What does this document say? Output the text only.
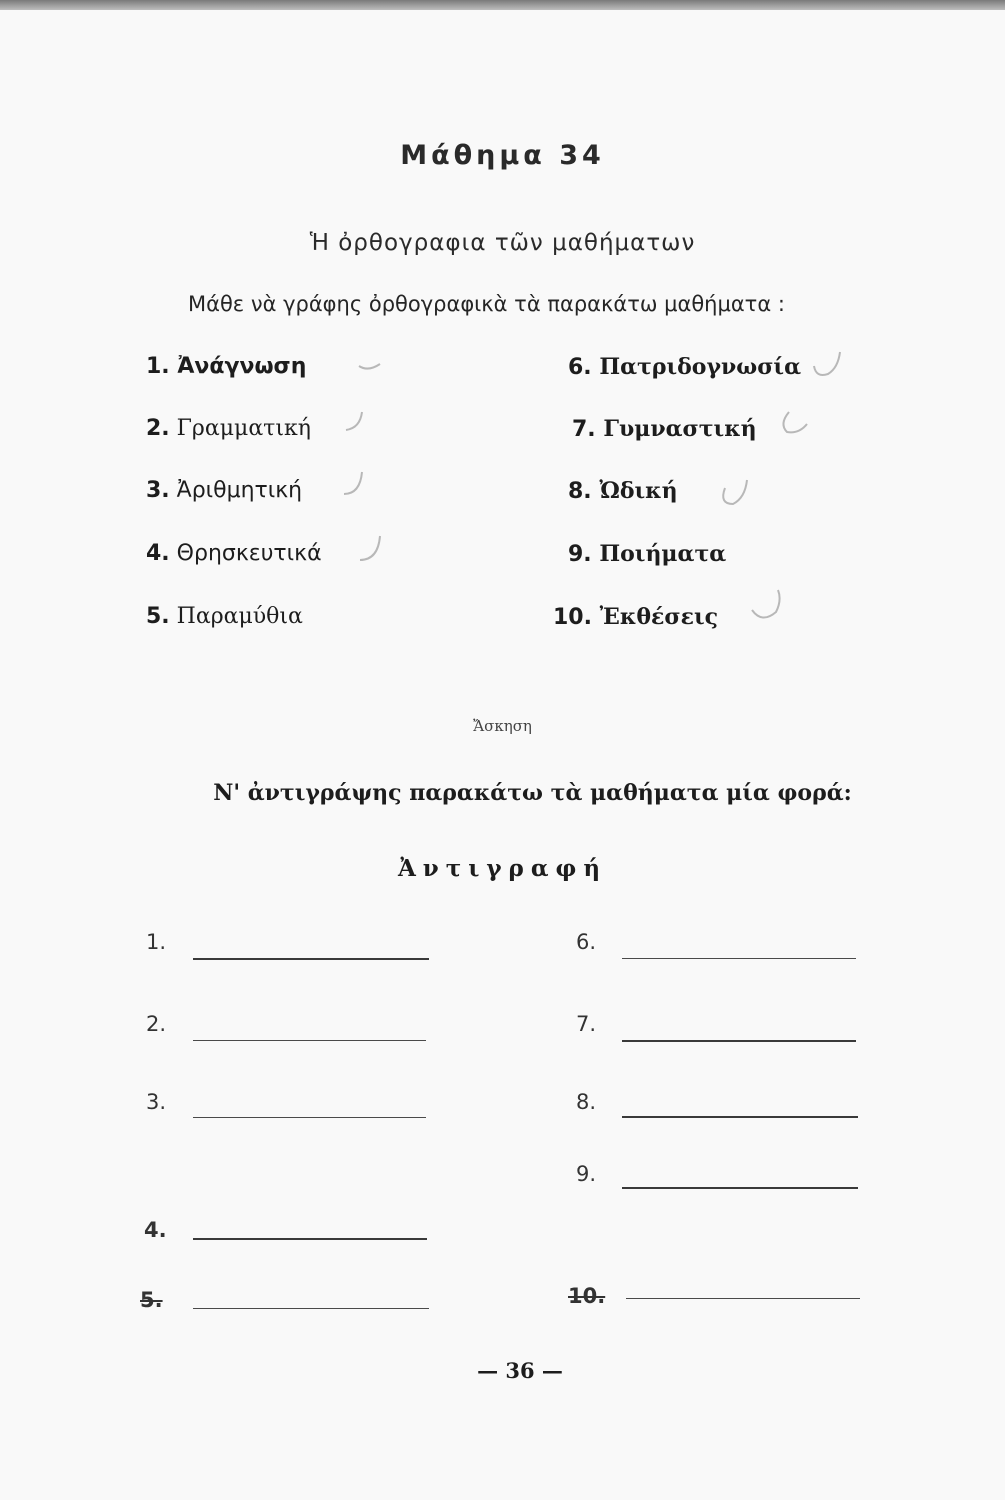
Μάθημα 34
Ἡ ὀρθογραφια τῶν μαθήματων
Μάθε νὰ γράφης ὀρθογραφικὰ τὰ παρακάτω μαθήματα :
1. Ἀνάγνωση
2. Γραμματική
3. Ἀριθμητική
4. Θρησκευτικά
5. Παραμύθια
6. Πατριδογνωσία
7. Γυμναστική
8. Ὠδική
9. Ποιήματα
10. Ἐκθέσεις
Ἄσκηση
Ν' ἀντιγράψης παρακάτω τὰ μαθήματα μία φορά:
Ἀντιγραφή
1.
2.
3.
4.
5.
6.
7.
8.
9.
10.
— 36 —
